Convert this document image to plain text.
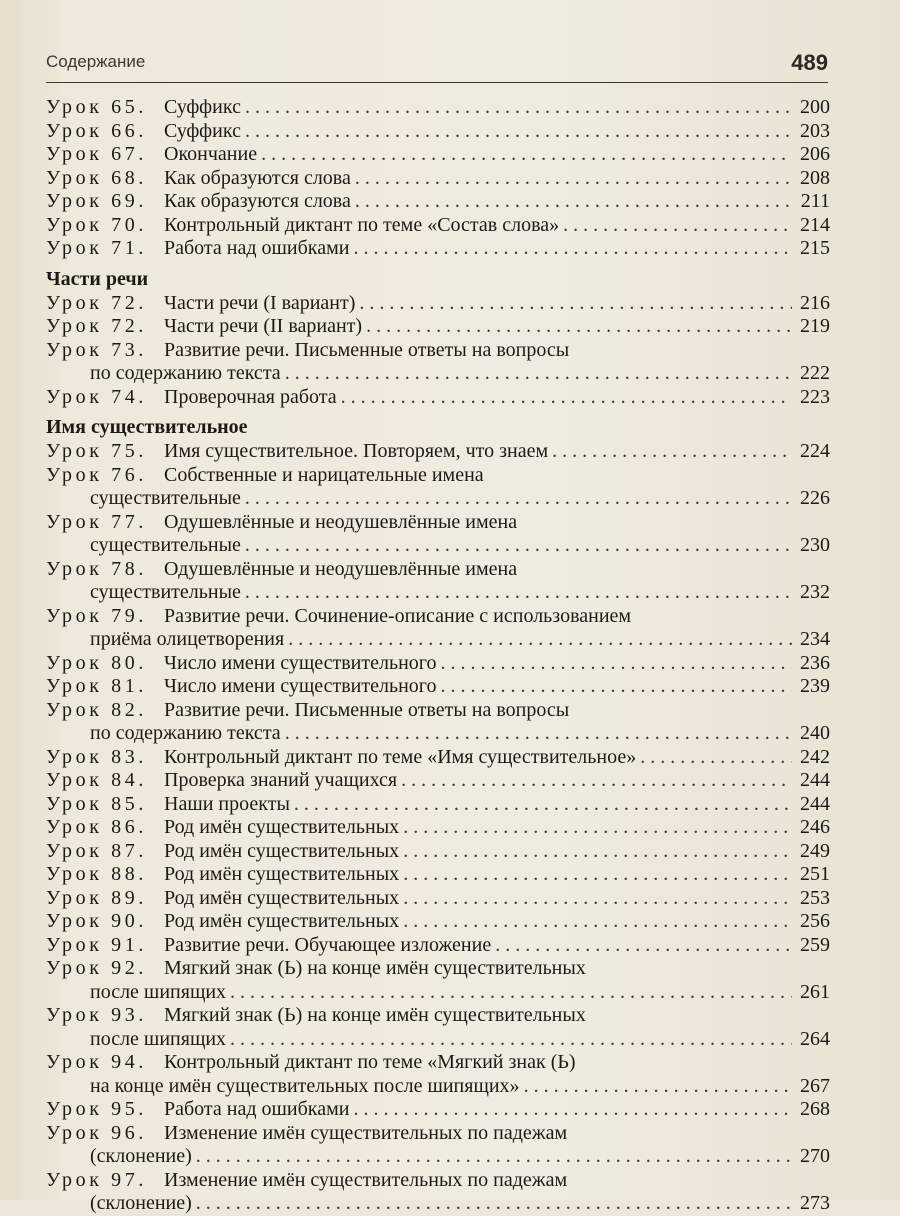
Содержание	489
Урок 65. Суффикс . . .	200
Урок 66. Суффикс . . .	203
Урок 67. Окончание . . .	206
Урок 68. Как образуются слова . . .	208
Урок 69. Как образуются слова . . .	211
Урок 70. Контрольный диктант по теме «Состав слова» . . .	214
Урок 71. Работа над ошибками . . .	215
Части речи
Урок 72. Части речи (I вариант) . . .	216
Урок 72. Части речи (II вариант) . . .	219
Урок 73. Развитие речи. Письменные ответы на вопросы
по содержанию текста . . .	222
Урок 74. Проверочная работа . . .	223
Имя существительное
Урок 75. Имя существительное. Повторяем, что знаем . . .	224
Урок 76. Собственные и нарицательные имена
существительные . . .	226
Урок 77. Одушевлённые и неодушевлённые имена
существительные . . .	230
Урок 78. Одушевлённые и неодушевлённые имена
существительные . . .	232
Урок 79. Развитие речи. Сочинение-описание с использованием
приёма олицетворения . . .	234
Урок 80. Число имени существительного . . .	236
Урок 81. Число имени существительного . . .	239
Урок 82. Развитие речи. Письменные ответы на вопросы
по содержанию текста . . .	240
Урок 83. Контрольный диктант по теме «Имя существительное» . . .	242
Урок 84. Проверка знаний учащихся . . .	244
Урок 85. Наши проекты . . .	244
Урок 86. Род имён существительных . . .	246
Урок 87. Род имён существительных . . .	249
Урок 88. Род имён существительных . . .	251
Урок 89. Род имён существительных . . .	253
Урок 90. Род имён существительных . . .	256
Урок 91. Развитие речи. Обучающее изложение . . .	259
Урок 92. Мягкий знак (Ь) на конце имён существительных
после шипящих . . .	261
Урок 93. Мягкий знак (Ь) на конце имён существительных
после шипящих . . .	264
Урок 94. Контрольный диктант по теме «Мягкий знак (Ь)
на конце имён существительных после шипящих» . . .	267
Урок 95. Работа над ошибками . . .	268
Урок 96. Изменение имён существительных по падежам
(склонение) . . .	270
Урок 97. Изменение имён существительных по падежам
(склонение) . . .	273
